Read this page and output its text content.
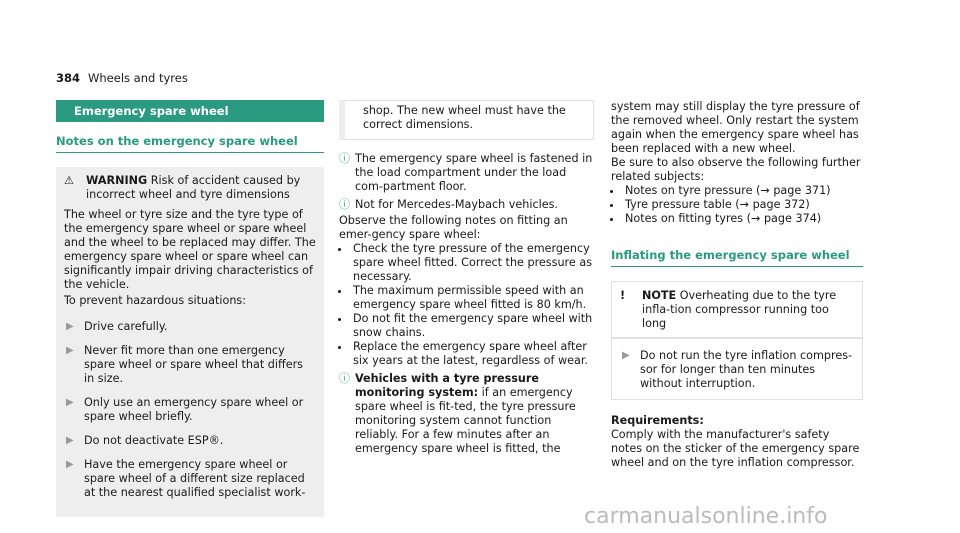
384 Wheels and tyres
Emergency spare wheel
Notes on the emergency spare wheel
⚠	WARNING Risk of accident caused by incorrect wheel and tyre dimensions

The wheel or tyre size and the tyre type of the emergency spare wheel or spare wheel and the wheel to be replaced may differ. The emergency spare wheel or spare wheel can significantly impair driving characteristics of the vehicle.

To prevent hazardous situations:

▶ Drive carefully.
▶ Never fit more than one emergency spare wheel or spare wheel that differs in size.
▶ Only use an emergency spare wheel or spare wheel briefly.
▶ Do not deactivate ESP®.
▶ Have the emergency spare wheel or spare wheel of a different size replaced at the nearest qualified specialist work-

shop. The new wheel must have the correct dimensions.

ⓘ The emergency spare wheel is fastened in the load compartment under the load com-partment floor.
ⓘ Not for Mercedes-Maybach vehicles.

Observe the following notes on fitting an emer-gency spare wheel:

• Check the tyre pressure of the emergency spare wheel fitted. Correct the pressure as necessary.
• The maximum permissible speed with an emergency spare wheel fitted is 80 km/h.
• Do not fit the emergency spare wheel with snow chains.
• Replace the emergency spare wheel after six years at the latest, regardless of wear.
ⓘ Vehicles with a tyre pressure monitoring system: if an emergency spare wheel is fit-ted, the tyre pressure monitoring system cannot function reliably. For a few minutes after an emergency spare wheel is fitted, the

system may still display the tyre pressure of

the removed wheel. Only restart the system

again when the emergency spare wheel has

been replaced with a new wheel.

Be sure to also observe the following further related subjects:

• Notes on tyre pressure (→ page 371)
• Tyre pressure table (→ page 372)
• Notes on fitting tyres (→ page 374)
Inflating the emergency spare wheel
!	NOTE Overheating due to the tyre infla-tion compressor running too long
▶ Do not run the tyre inflation compres-sor for longer than ten minutes without interruption.

Requirements:

Comply with the manufacturer's safety notes on the sticker of the emergency spare wheel and on the tyre inflation compressor.

carmanualsonline.info
